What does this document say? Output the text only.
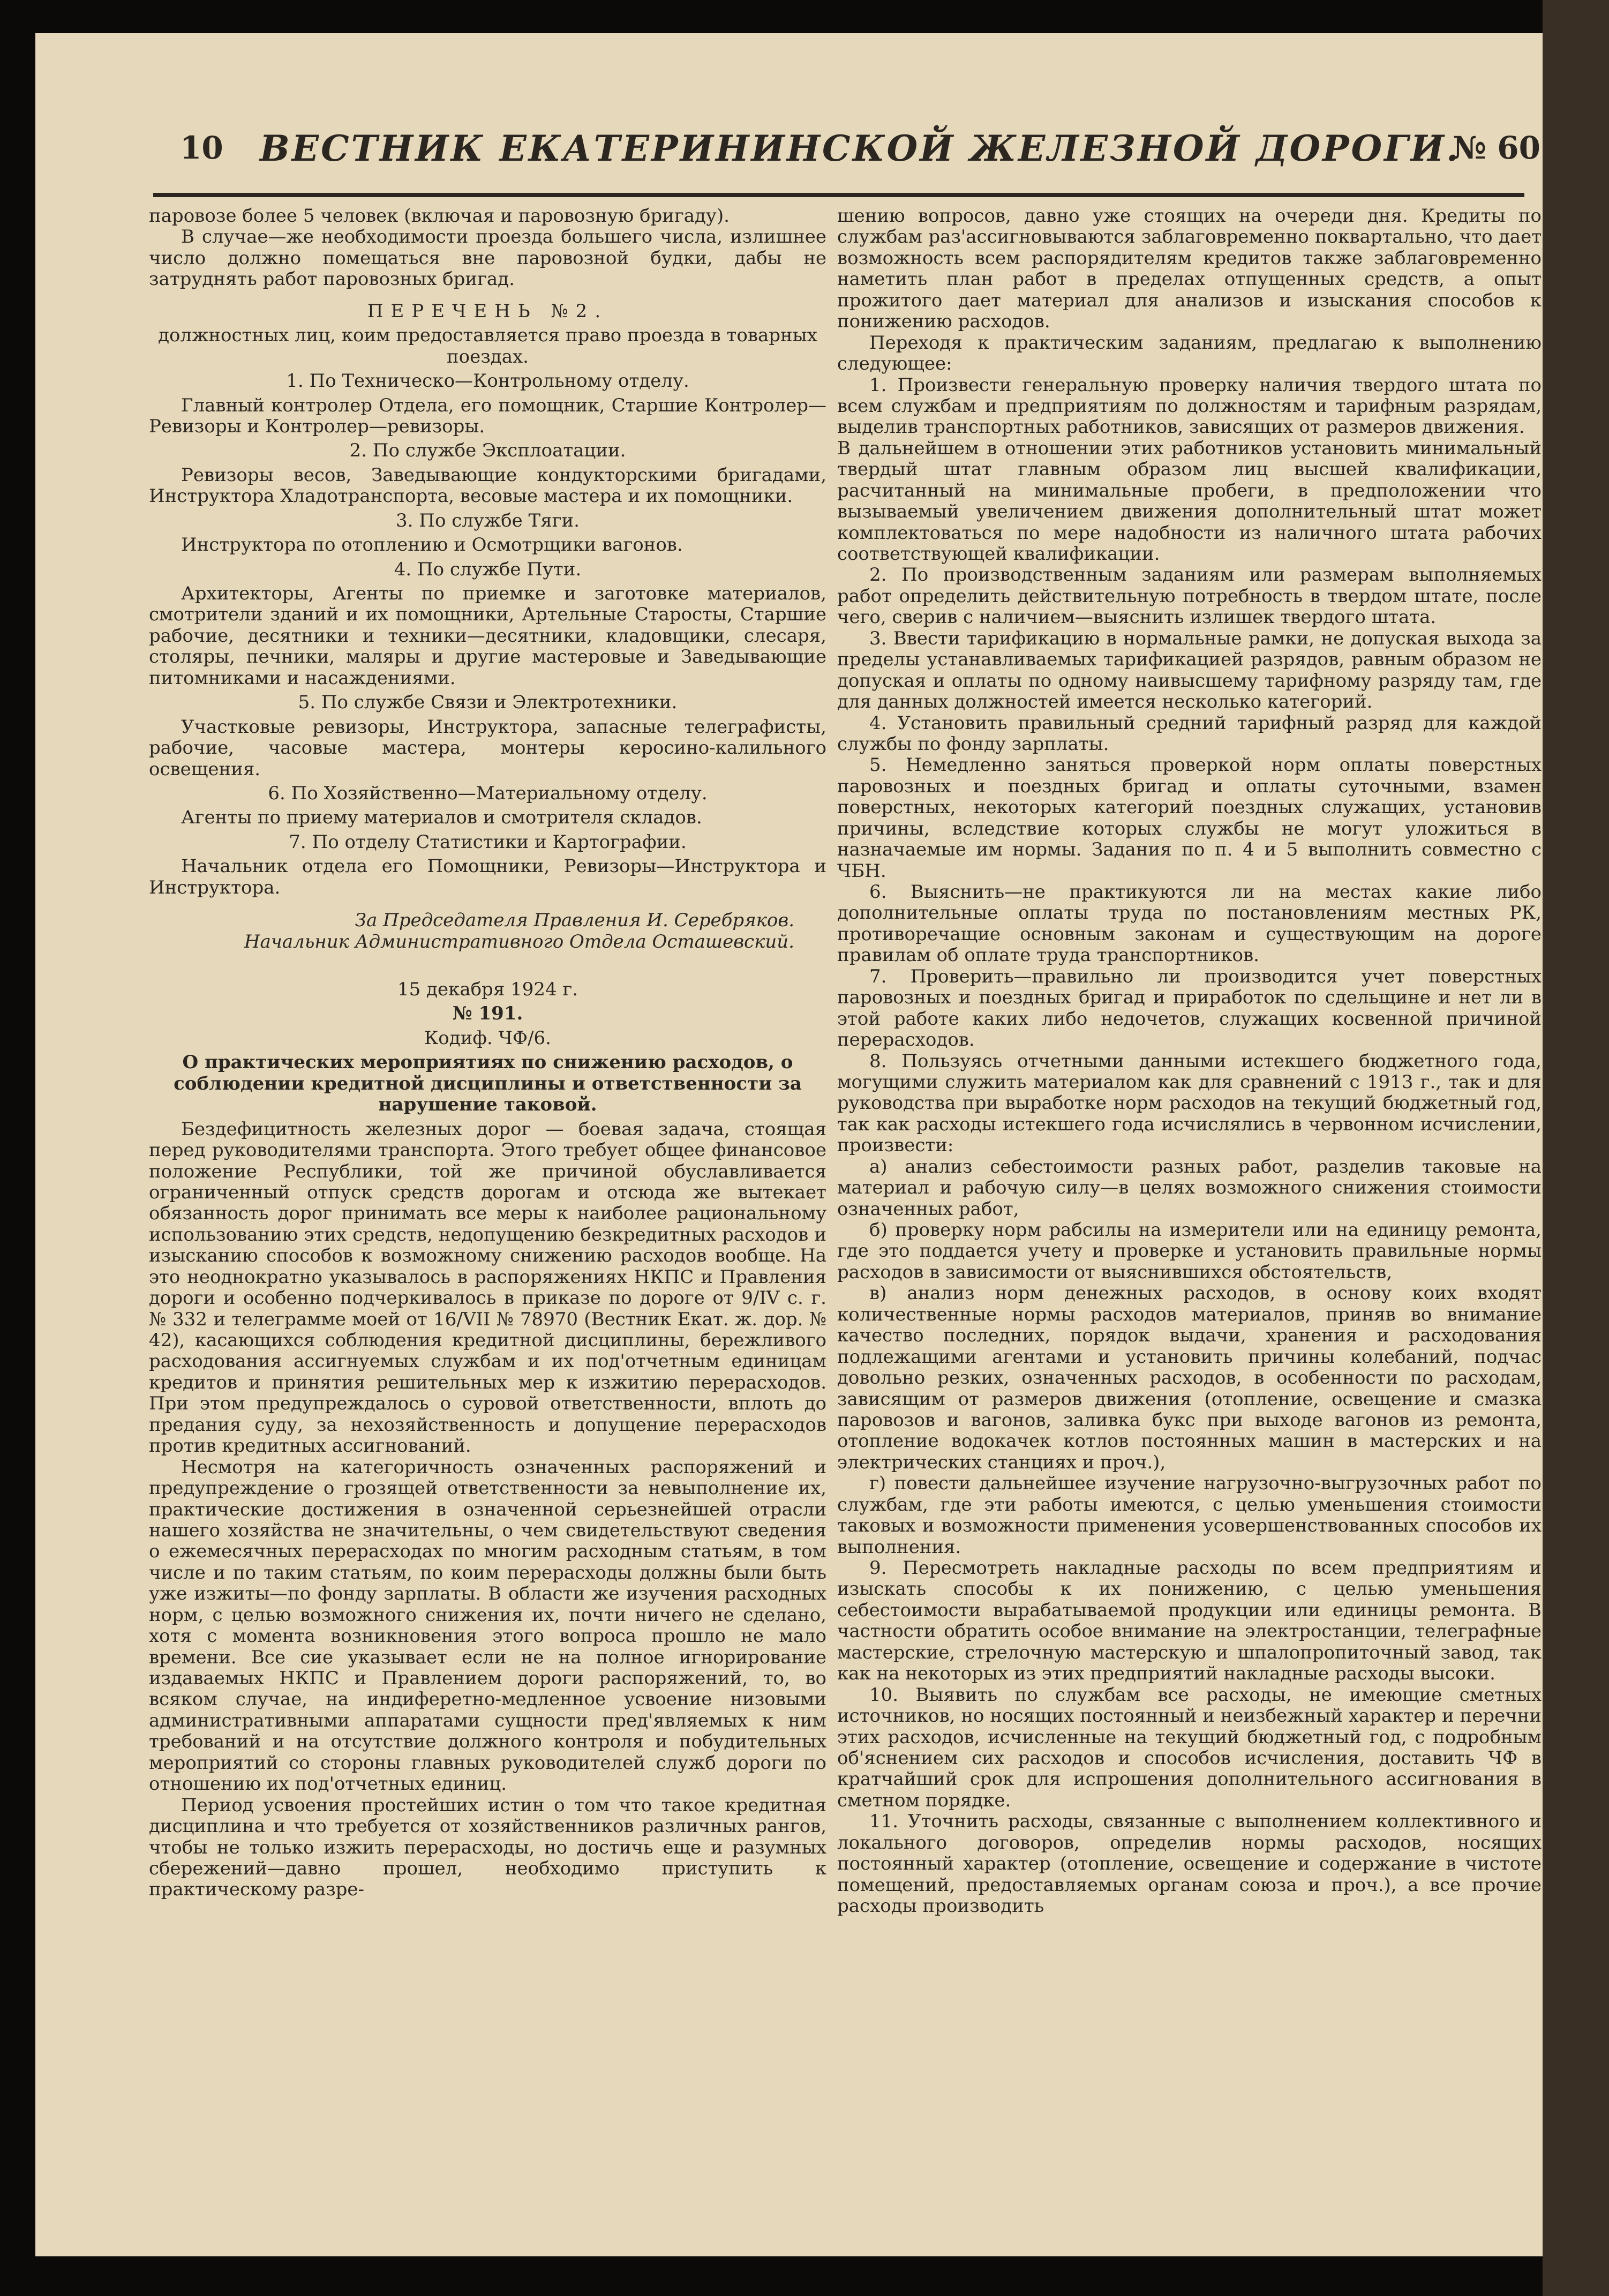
10	ВЕСТНИК ЕКАТЕРИНИНСКОЙ ЖЕЛЕЗНОЙ ДОРОГИ.
№ 60

паровозе более 5 человек (включая и паровозную бригаду).

В случае—же необходимости проезда большего числа, излишнее число должно помещаться вне паровозной будки, дабы не затруднять работ паровозных бригад.

ПЕРЕЧЕНЬ №2.

должностных лиц, коим предоставляется право проезда в товарных поездах.

1. По Техническо—Контрольному отделу.

Главный контролер Отдела, его помощник, Старшие Контролер—Ревизоры и Контролер—ревизоры.

2. По службе Эксплоатации.

Ревизоры весов, Заведывающие кондукторскими бригадами, Инструктора Хладотранспорта, весовые мастера и их помощники.

3. По службе Тяги.

Инструктора по отоплению и Осмотрщики вагонов.

4. По службе Пути.

Архитекторы, Агенты по приемке и заготовке материалов, смотрители зданий и их помощники, Артельные Старосты, Старшие рабочие, десятники и техники—десятники, кладовщики, слесаря, столяры, печники, маляры и другие мастеровые и Заведывающие питомниками и насаждениями.

5. По службе Связи и Электротехники.

Участковые ревизоры, Инструктора, запасные телеграфисты, рабочие, часовые мастера, монтеры керосино-калильного освещения.

6. По Хозяйственно—Материальному отделу.

Агенты по приему материалов и смотрителя складов.

7. По отделу Статистики и Картографии.

Начальник отдела его Помощники, Ревизоры—Инструктора и Инструктора.

За Председателя Правления И. Серебряков.

Начальник Административного Отдела Осташевский.

15 декабря 1924 г.

№ 191.

Кодиф. ЧФ/6.

О практических мероприятиях по снижению расходов, о соблюдении кредитной дисциплины и ответственности за нарушение таковой.

Бездефицитность железных дорог — боевая задача, стоящая перед руководителями транспорта. Этого требует общее финансовое положение Республики, той же причиной обуславливается ограниченный отпуск средств дорогам и отсюда же вытекает обязанность дорог принимать все меры к наиболее рациональному использованию этих средств, недопущению безкредитных расходов и изысканию способов к возможному снижению расходов вообще. На это неоднократно указывалось в распоряжениях НКПС и Правления дороги и особенно подчеркивалось в приказе по дороге от 9/IV с. г. № 332 и телеграмме моей от 16/VII № 78970 (Вестник Екат. ж. дор. № 42), касающихся соблюдения кредитной дисциплины, бережливого расходования ассигнуемых службам и их под'отчетным единицам кредитов и принятия решительных мер к изжитию перерасходов. При этом предупреждалось о суровой ответственности, вплоть до предания суду, за нехозяйственность и допущение перерасходов против кредитных ассигнований.

Несмотря на категоричность означенных распоряжений и предупреждение о грозящей ответственности за невыполнение их, практические достижения в означенной серьезнейшей отрасли нашего хозяйства не значительны, о чем свидетельствуют сведения о ежемесячных перерасходах по многим расходным статьям, в том числе и по таким статьям, по коим перерасходы должны были быть уже изжиты—по фонду зарплаты. В области же изучения расходных норм, с целью возможного снижения их, почти ничего не сделано, хотя с момента возникновения этого вопроса прошло не мало времени. Все сие указывает если не на полное игнорирование издаваемых НКПС и Правлением дороги распоряжений, то, во всяком случае, на индиферетно-медленное усвоение низовыми административными аппаратами сущности пред'являемых к ним требований и на отсутствие должного контроля и побудительных мероприятий со стороны главных руководителей служб дороги по отношению их под'отчетных единиц.

Период усвоения простейших истин о том что такое кредитная дисциплина и что требуется от хозяйственников различных рангов, чтобы не только изжить перерасходы, но достичь еще и разумных сбережений—давно прошел, необходимо приступить к практическому разре-

шению вопросов, давно уже стоящих на очереди дня. Кредиты по службам раз'ассигновываются заблаговременно поквартально, что дает возможность всем распорядителям кредитов также заблаговременно наметить план работ в пределах отпущенных средств, а опыт прожитого дает материал для анализов и изыскания способов к понижению расходов.

Переходя к практическим заданиям, предлагаю к выполнению следующее:

1. Произвести генеральную проверку наличия твердого штата по всем службам и предприятиям по должностям и тарифным разрядам, выделив транспортных работников, зависящих от размеров движения.

В дальнейшем в отношении этих работников установить минимальный твердый штат главным образом лиц высшей квалификации, расчитанный на минимальные пробеги, в предположении что вызываемый увеличением движения дополнительный штат может комплектоваться по мере надобности из наличного штата рабочих соответствующей квалификации.

2. По производственным заданиям или размерам выполняемых работ определить действительную потребность в твердом штате, после чего, сверив с наличием—выяснить излишек твердого штата.

3. Ввести тарификацию в нормальные рамки, не допуская выхода за пределы устанавливаемых тарификацией разрядов, равным образом не допуская и оплаты по одному наивысшему тарифному разряду там, где для данных должностей имеется несколько категорий.

4. Установить правильный средний тарифный разряд для каждой службы по фонду зарплаты.

5. Немедленно заняться проверкой норм оплаты поверстных паровозных и поездных бригад и оплаты суточными, взамен поверстных, некоторых категорий поездных служащих, установив причины, вследствие которых службы не могут уложиться в назначаемые им нормы. Задания по п. 4 и 5 выполнить совместно с ЧБН.

6. Выяснить—не практикуются ли на местах какие либо дополнительные оплаты труда по постановлениям местных РК, противоречащие основным законам и существующим на дороге правилам об оплате труда транспортников.

7. Проверить—правильно ли производится учет поверстных паровозных и поездных бригад и приработок по сдельщине и нет ли в этой работе каких либо недочетов, служащих косвенной причиной перерасходов.

8. Пользуясь отчетными данными истекшего бюджетного года, могущими служить материалом как для сравнений с 1913 г., так и для руководства при выработке норм расходов на текущий бюджетный год, так как расходы истекшего года исчислялись в червонном исчислении, произвести:

а) анализ себестоимости разных работ, разделив таковые на материал и рабочую силу—в целях возможного снижения стоимости означенных работ,

б) проверку норм рабсилы на измерители или на единицу ремонта, где это поддается учету и проверке и установить правильные нормы расходов в зависимости от выяснившихся обстоятельств,

в) анализ норм денежных расходов, в основу коих входят количественные нормы расходов материалов, приняв во внимание качество последних, порядок выдачи, хранения и расходования подлежащими агентами и установить причины колебаний, подчас довольно резких, означенных расходов, в особенности по расходам, зависящим от размеров движения (отопление, освещение и смазка паровозов и вагонов, заливка букс при выходе вагонов из ремонта, отопление водокачек котлов постоянных машин в мастерских и на электрических станциях и проч.),

г) повести дальнейшее изучение нагрузочно-выгрузочных работ по службам, где эти работы имеются, с целью уменьшения стоимости таковых и возможности применения усовершенствованных способов их выполнения.

9. Пересмотреть накладные расходы по всем предприятиям и изыскать способы к их понижению, с целью уменьшения себестоимости вырабатываемой продукции или единицы ремонта. В частности обратить особое внимание на электростанции, телеграфные мастерские, стрелочную мастерскую и шпалопропиточный завод, так как на некоторых из этих предприятий накладные расходы высоки.

10. Выявить по службам все расходы, не имеющие сметных источников, но носящих постоянный и неизбежный характер и перечни этих расходов, исчисленные на текущий бюджетный год, с подробным об'яснением сих расходов и способов исчисления, доставить ЧФ в кратчайший срок для испрошения дополнительного ассигнования в сметном порядке.

11. Уточнить расходы, связанные с выполнением коллективного и локального договоров, определив нормы расходов, носящих постоянный характер (отопление, освещение и содержание в чистоте помещений, предоставляемых органам союза и проч.), а все прочие расходы производить
